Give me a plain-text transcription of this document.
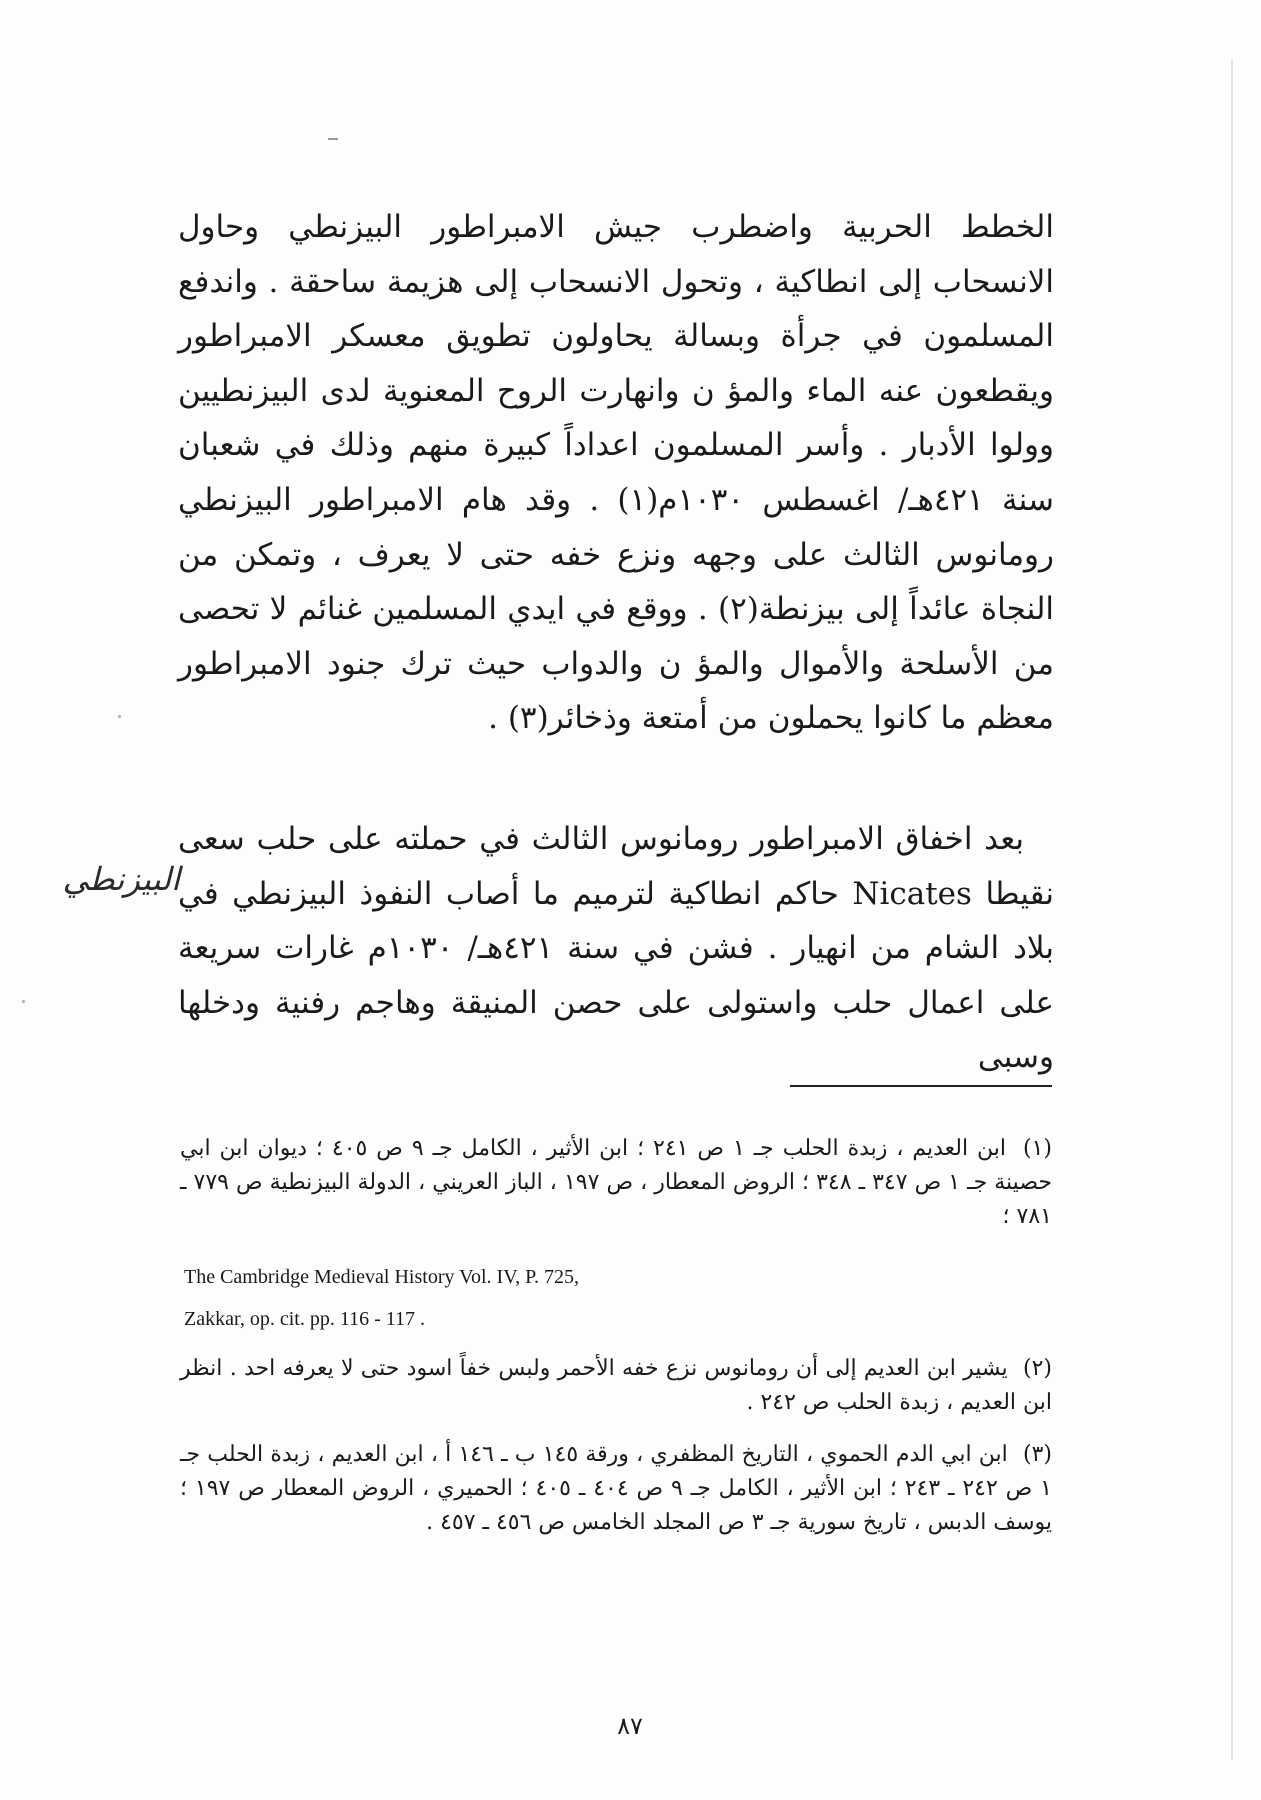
الخطط الحربية واضطرب جيش الامبراطور البيزنطي وحاول الانسحاب إلى انطاكية ، وتحول الانسحاب إلى هزيمة ساحقة . واندفع المسلمون في جرأة وبسالة يحاولون تطويق معسكر الامبراطور ويقطعون عنه الماء والمؤ ن وانهارت الروح المعنوية لدى البيزنطيين وولوا الأدبار . وأسر المسلمون اعداداً كبيرة منهم وذلك في شعبان سنة ٤٢١هـ/ اغسطس ١٠٣٠م(١) . وقد هام الامبراطور البيزنطي رومانوس الثالث على وجهه ونزع خفه حتى لا يعرف ، وتمكن من النجاة عائداً إلى بيزنطة(٢) . ووقع في ايدي المسلمين غنائم لا تحصى من الأسلحة والأموال والمؤ ن والدواب حيث ترك جنود الامبراطور معظم ما كانوا يحملون من أمتعة وذخائر(٣) .

بعد اخفاق الامبراطور رومانوس الثالث في حملته على حلب سعى نقيطا Nicates حاكم انطاكية لترميم ما أصاب النفوذ البيزنطي في بلاد الشام من انهيار . فشن في سنة ٤٢١هـ/ ١٠٣٠م غارات سريعة على اعمال حلب واستولى على حصن المنيقة وهاجم رفنية ودخلها وسبى

البيزنطي

(١) ابن العديم ، زبدة الحلب جـ ١ ص ٢٤١ ؛ ابن الأثير ، الكامل جـ ٩ ص ٤٠٥ ؛ ديوان ابن ابي حصينة جـ ١ ص ٣٤٧ ـ ٣٤٨ ؛ الروض المعطار ، ص ١٩٧ ، الباز العريني ، الدولة البيزنطية ص ٧٧٩ ـ ٧٨١ ؛

The Cambridge Medieval History Vol. IV, P. 725,

Zakkar, op. cit. pp. 116 - 117 .

(٢) يشير ابن العديم إلى أن رومانوس نزع خفه الأحمر ولبس خفاً اسود حتى لا يعرفه احد . انظر ابن العديم ، زبدة الحلب ص ٢٤٢ .

(٣) ابن ابي الدم الحموي ، التاريخ المظفري ، ورقة ١٤٥ ب ـ ١٤٦ أ ، ابن العديم ، زبدة الحلب جـ ١ ص ٢٤٢ ـ ٢٤٣ ؛ ابن الأثير ، الكامل جـ ٩ ص ٤٠٤ ـ ٤٠٥ ؛ الحميري ، الروض المعطار ص ١٩٧ ؛ يوسف الدبس ، تاريخ سورية جـ ٣ ص المجلد الخامس ص ٤٥٦ ـ ٤٥٧ .

٨٧
